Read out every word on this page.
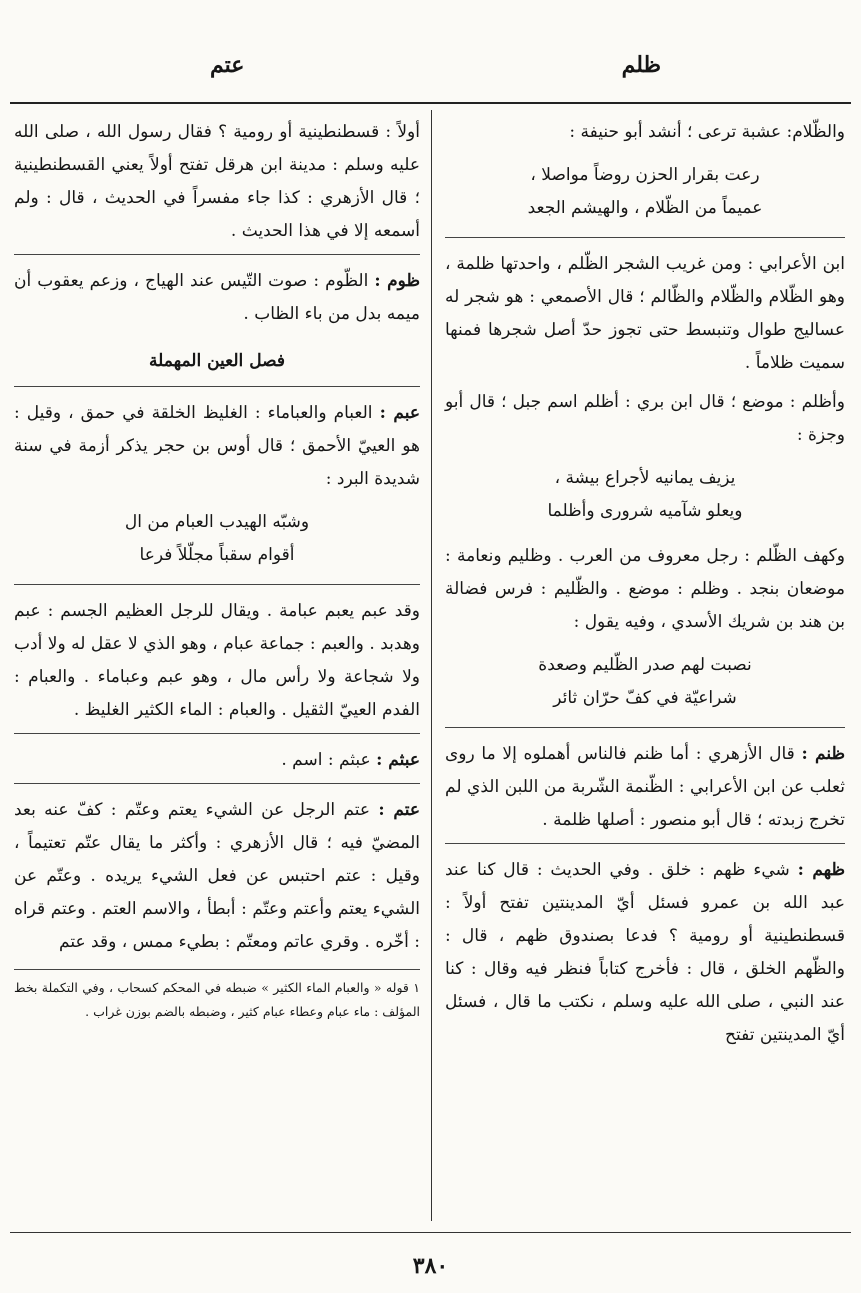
ظلم
عتم

والظّلام: عشبة ترعى ؛ أنشد أبو حنيفة :

رعت بقرار الحزن روضاً مواصلا ،
عميماً من الظّلام ، والهيشم الجعد

ابن الأعرابي : ومن غريب الشجر الظّلم ، واحدتها ظلمة ، وهو الظّلام والظّلام والظّالم ؛ قال الأصمعي : هو شجر له عساليج طوال وتنبسط حتى تجوز حدّ أصل شجرها فمنها سميت ظلاماً .

وأظلم : موضع ؛ قال ابن بري : أظلم اسم جبل ؛ قال أبو وجزة :

يزيف يمانيه لأجراع بيشة ،
ويعلو شآميه شرورى وأظلما

وكهف الظّلم : رجل معروف من العرب . وظليم ونعامة : موضعان بنجد . وظلم : موضع . والظّليم : فرس فضالة بن هند بن شريك الأسدي ، وفيه يقول :

نصبت لهم صدر الظّليم وصعدة
شراعيّة في كفّ حرّان ثائر

ظنم : قال الأزهري : أما ظنم فالناس أهملوه إلا ما روى ثعلب عن ابن الأعرابي : الظّنمة الشّربة من اللبن الذي لم تخرج زبدته ؛ قال أبو منصور : أصلها ظلمة .

ظهم : شيء ظهم : خلق . وفي الحديث : قال كنا عند عبد الله بن عمرو فسئل أيّ المدينتين تفتح أولاً : قسطنطينية أو رومية ؟ فدعا بصندوق ظهم ، قال : والظّهم الخلق ، قال : فأخرج كتاباً فنظر فيه وقال : كنا عند النبي ، صلى الله عليه وسلم ، نكتب ما قال ، فسئل أيّ المدينتين تفتح

أولاً : قسطنطينية أو رومية ؟ فقال رسول الله ، صلى الله عليه وسلم : مدينة ابن هرقل تفتح أولاً يعني القسطنطينية ؛ قال الأزهري : كذا جاء مفسراً في الحديث ، قال : ولم أسمعه إلا في هذا الحديث .

ظوم : الظّوم : صوت التّيس عند الهياج ، وزعم يعقوب أن ميمه بدل من باء الظاب .

فصل العين المهملة

عبم : العبام والعباماء : الغليظ الخلقة في حمق ، وقيل : هو العييّ الأحمق ؛ قال أوس بن حجر يذكر أزمة في سنة شديدة البرد :

وشبّه الهيدب العبام من ال
أقوام سقباً مجلّلاً فرعا

وقد عبم يعبم عبامة . ويقال للرجل العظيم الجسم : عبم وهدبد . والعبم : جماعة عبام ، وهو الذي لا عقل له ولا أدب ولا شجاعة ولا رأس مال ، وهو عبم وعباماء . والعبام : الفدم العييّ الثقيل . والعبام : الماء الكثير الغليظ .

عبثم : عبثم : اسم .

عتم : عتم الرجل عن الشيء يعتم وعتّم : كفّ عنه بعد المضيّ فيه ؛ قال الأزهري : وأكثر ما يقال عتّم تعتيماً ، وقيل : عتم احتبس عن فعل الشيء يريده . وعتّم عن الشيء يعتم وأعتم وعتّم : أبطأ ، والاسم العتم . وعتم قراه : أخّره . وقري عاتم ومعتّم : بطيء ممس ، وقد عتم

١ قوله « والعبام الماء الكثير » ضبطه في المحكم كسحاب ، وفي التكملة بخط المؤلف : ماء عبام وعطاء عبام كثير ، وضبطه بالضم بوزن غراب .
٣٨٠
